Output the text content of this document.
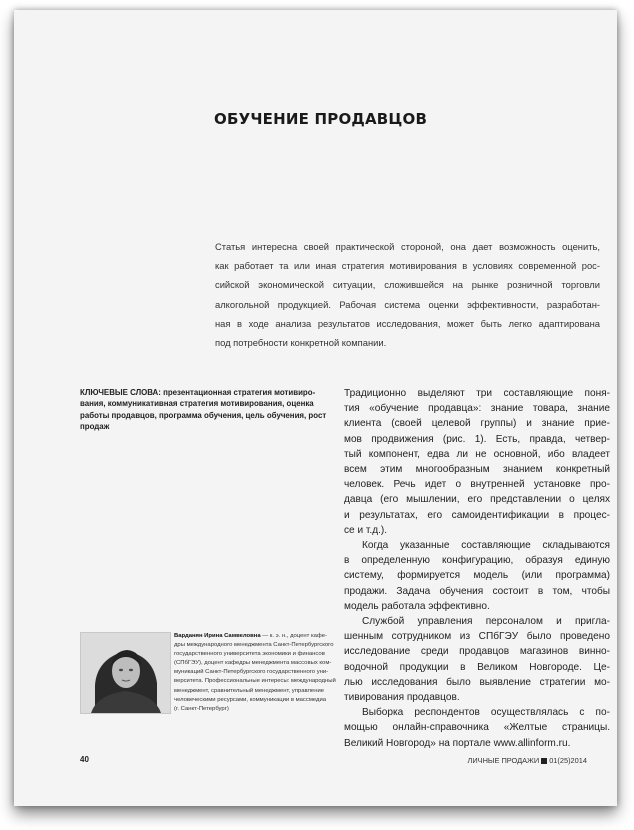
ОБУЧЕНИЕ ПРОДАВЦОВ
Статья интересна своей практической стороной, она дает возможность оценить,
как работает та или иная стратегия мотивирования в условиях современной рос-
сийской экономической ситуации, сложившейся на рынке розничной торговли
алкогольной продукцией. Рабочая система оценки эффективности, разработан-
ная в ходе анализа результатов исследования, может быть легко адаптирована
под потребности конкретной компании.
КЛЮЧЕВЫЕ СЛОВА: презентационная стратегия мотивиро-
вания, коммуникативная стратегия мотивирования, оценка
работы продавцов, программа обучения, цель обучения, рост
продаж
Традиционно выделяют три составляющие поня-
тия «обучение продавца»: знание товара, знание
клиента (своей целевой группы) и знание прие-
мов продвижения (рис. 1). Есть, правда, четвер-
тый компонент, едва ли не основной, ибо владеет
всем этим многообразным знанием конкретный
человек. Речь идет о внутренней установке про-
давца (его мышлении, его представлении о целях
и результатах, его самоидентификации в процес-
се и т.д.).
Когда указанные составляющие складываются
в определенную конфигурацию, образуя единую
систему, формируется модель (или программа)
продажи. Задача обучения состоит в том, чтобы
модель работала эффективно.
Службой управления персоналом и пригла-
шенным сотрудником из СПбГЭУ было проведено
исследование среди продавцов магазинов винно-
водочной продукции в Великом Новгороде. Це-
лью исследования было выявление стратегии мо-
тивирования продавцов.
Выборка респондентов осуществлялась с по-
мощью онлайн-справочника «Желтые страницы.
Великий Новгород» на портале www.allinform.ru.
Варданян Ирина Самвеловна — к. э. н., доцент кафе-
дры международного менеджмента Санкт-Петербургского
государственного университета экономики и финансов
(СПбГЭУ), доцент кафедры менеджмента массовых ком-
муникаций Санкт-Петербургского государственного уни-
верситета. Профессиональные интересы: международный
менеджмент, сравнительный менеджмент, управление
человеческими ресурсами, коммуникации в массмедиа
(г. Санкт-Петербург)
40	ЛИЧНЫЕ ПРОДАЖИ 01(25)2014
